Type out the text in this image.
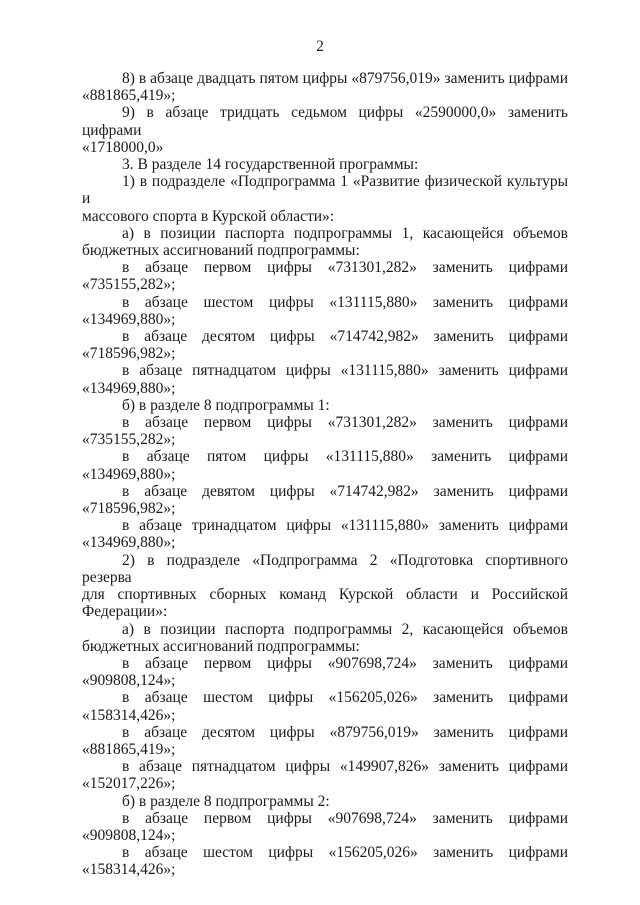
2
8) в абзаце двадцать пятом цифры «879756,019» заменить цифрами
«881865,419»;
9) в абзаце тридцать седьмом цифры «2590000,0» заменить цифрами
«1718000,0»
3. В разделе 14 государственной программы:
1) в подразделе «Подпрограмма 1 «Развитие физической культуры и
массового спорта в Курской области»:
а) в позиции паспорта подпрограммы 1, касающейся объемов
бюджетных ассигнований подпрограммы:
в абзаце первом цифры «731301,282» заменить цифрами
«735155,282»;
в абзаце шестом цифры «131115,880» заменить цифрами
«134969,880»;
в абзаце десятом цифры «714742,982» заменить цифрами
«718596,982»;
в абзаце пятнадцатом цифры «131115,880» заменить цифрами
«134969,880»;
б) в разделе 8 подпрограммы 1:
в абзаце первом цифры «731301,282» заменить цифрами
«735155,282»;
в абзаце пятом цифры «131115,880» заменить цифрами
«134969,880»;
в абзаце девятом цифры «714742,982» заменить цифрами
«718596,982»;
в абзаце тринадцатом цифры «131115,880» заменить цифрами
«134969,880»;
2) в подразделе «Подпрограмма 2 «Подготовка спортивного резерва
для спортивных сборных команд Курской области и Российской
Федерации»:
а) в позиции паспорта подпрограммы 2, касающейся объемов
бюджетных ассигнований подпрограммы:
в абзаце первом цифры «907698,724» заменить цифрами
«909808,124»;
в абзаце шестом цифры «156205,026» заменить цифрами
«158314,426»;
в абзаце десятом цифры «879756,019» заменить цифрами
«881865,419»;
в абзаце пятнадцатом цифры «149907,826» заменить цифрами
«152017,226»;
б) в разделе 8 подпрограммы 2:
в абзаце первом цифры «907698,724» заменить цифрами
«909808,124»;
в абзаце шестом цифры «156205,026» заменить цифрами
«158314,426»;
